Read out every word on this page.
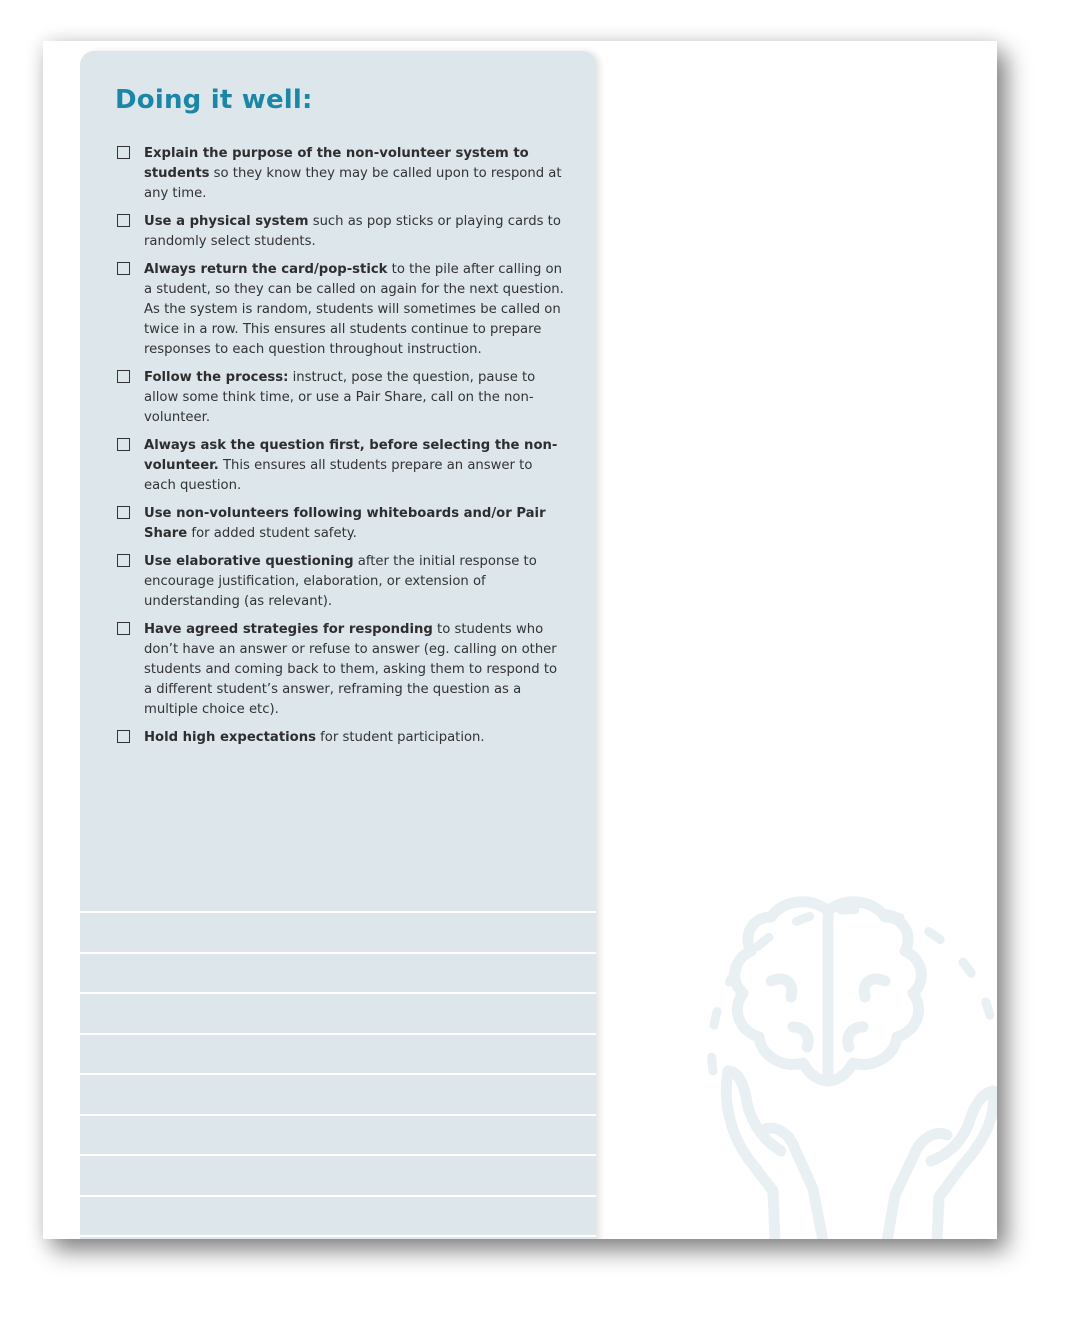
Doing it well:
Explain the purpose of the non-volunteer system to students so they know they may be called upon to respond at any time.
Use a physical system such as pop sticks or playing cards to randomly select students.
Always return the card/pop-stick to the pile after calling on a student, so they can be called on again for the next question. As the system is random, students will sometimes be called on twice in a row. This ensures all students continue to prepare responses to each question throughout instruction.
Follow the process: instruct, pose the question, pause to allow some think time, or use a Pair Share, call on the non-volunteer.
Always ask the question first, before selecting the non-volunteer. This ensures all students prepare an answer to each question.
Use non-volunteers following whiteboards and/or Pair Share for added student safety.
Use elaborative questioning after the initial response to encourage justification, elaboration, or extension of understanding (as relevant).
Have agreed strategies for responding to students who don’t have an answer or refuse to answer (eg. calling on other students and coming back to them, asking them to respond to a different student’s answer, reframing the question as a multiple choice etc).
Hold high expectations for student participation.
